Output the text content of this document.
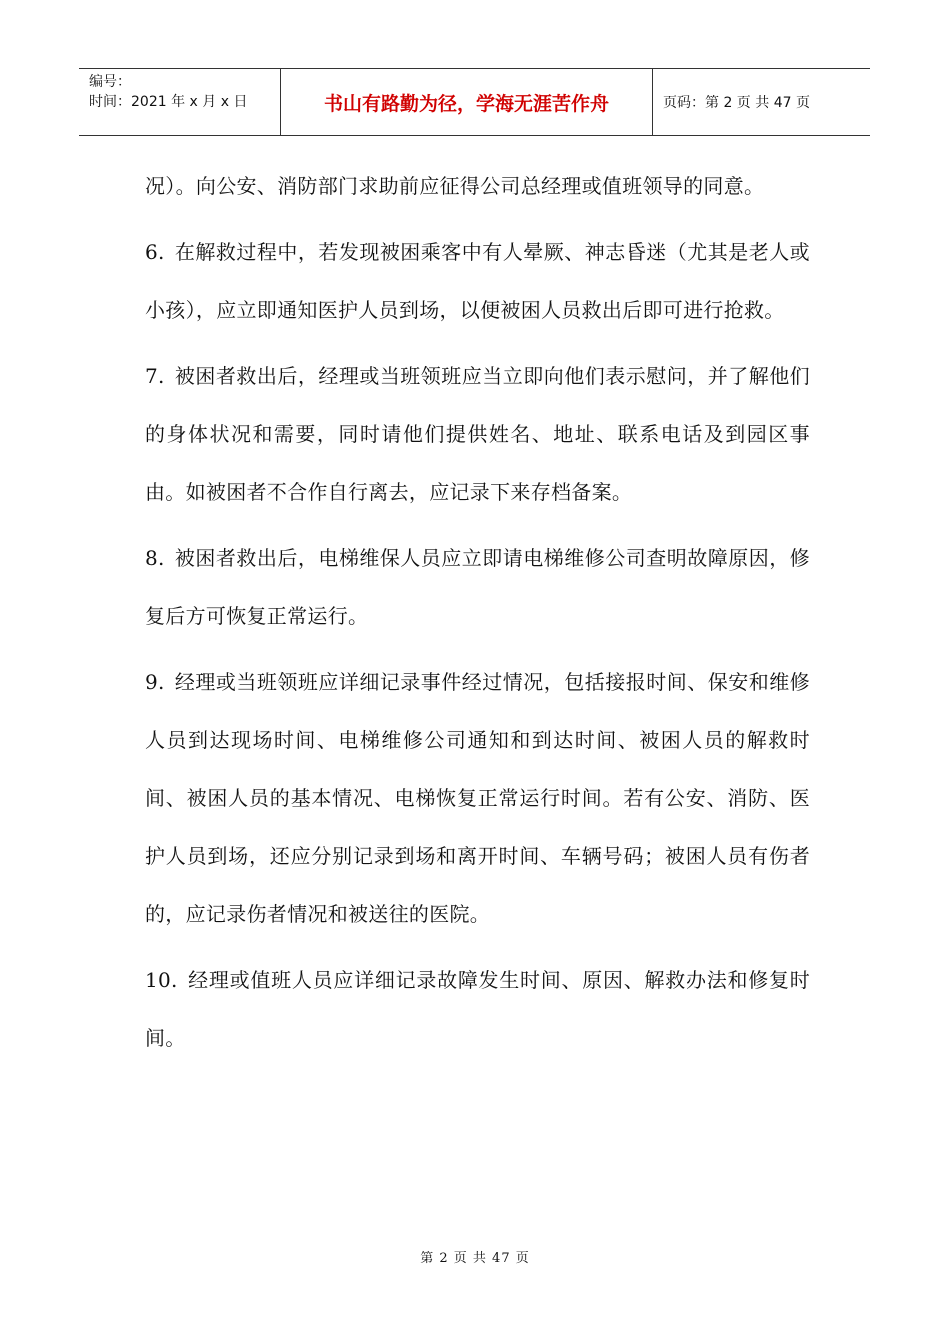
编号：
时间：2021 年 x 月 x 日	书山有路勤为径，学海无涯苦作舟	页码：第 2 页 共 47 页

况）。向公安、消防部门求助前应征得公司总经理或值班领导的同意。

6. 在解救过程中，若发现被困乘客中有人晕厥、神志昏迷（尤其是老人或小孩），应立即通知医护人员到场，以便被困人员救出后即可进行抢救。

7. 被困者救出后，经理或当班领班应当立即向他们表示慰问，并了解他们的身体状况和需要，同时请他们提供姓名、地址、联系电话及到园区事由。如被困者不合作自行离去，应记录下来存档备案。

8. 被困者救出后，电梯维保人员应立即请电梯维修公司查明故障原因，修复后方可恢复正常运行。

9. 经理或当班领班应详细记录事件经过情况，包括接报时间、保安和维修人员到达现场时间、电梯维修公司通知和到达时间、被困人员的解救时间、被困人员的基本情况、电梯恢复正常运行时间。若有公安、消防、医护人员到场，还应分别记录到场和离开时间、车辆号码；被困人员有伤者的，应记录伤者情况和被送往的医院。

10. 经理或值班人员应详细记录故障发生时间、原因、解救办法和修复时间。

第 2 页 共 47 页
